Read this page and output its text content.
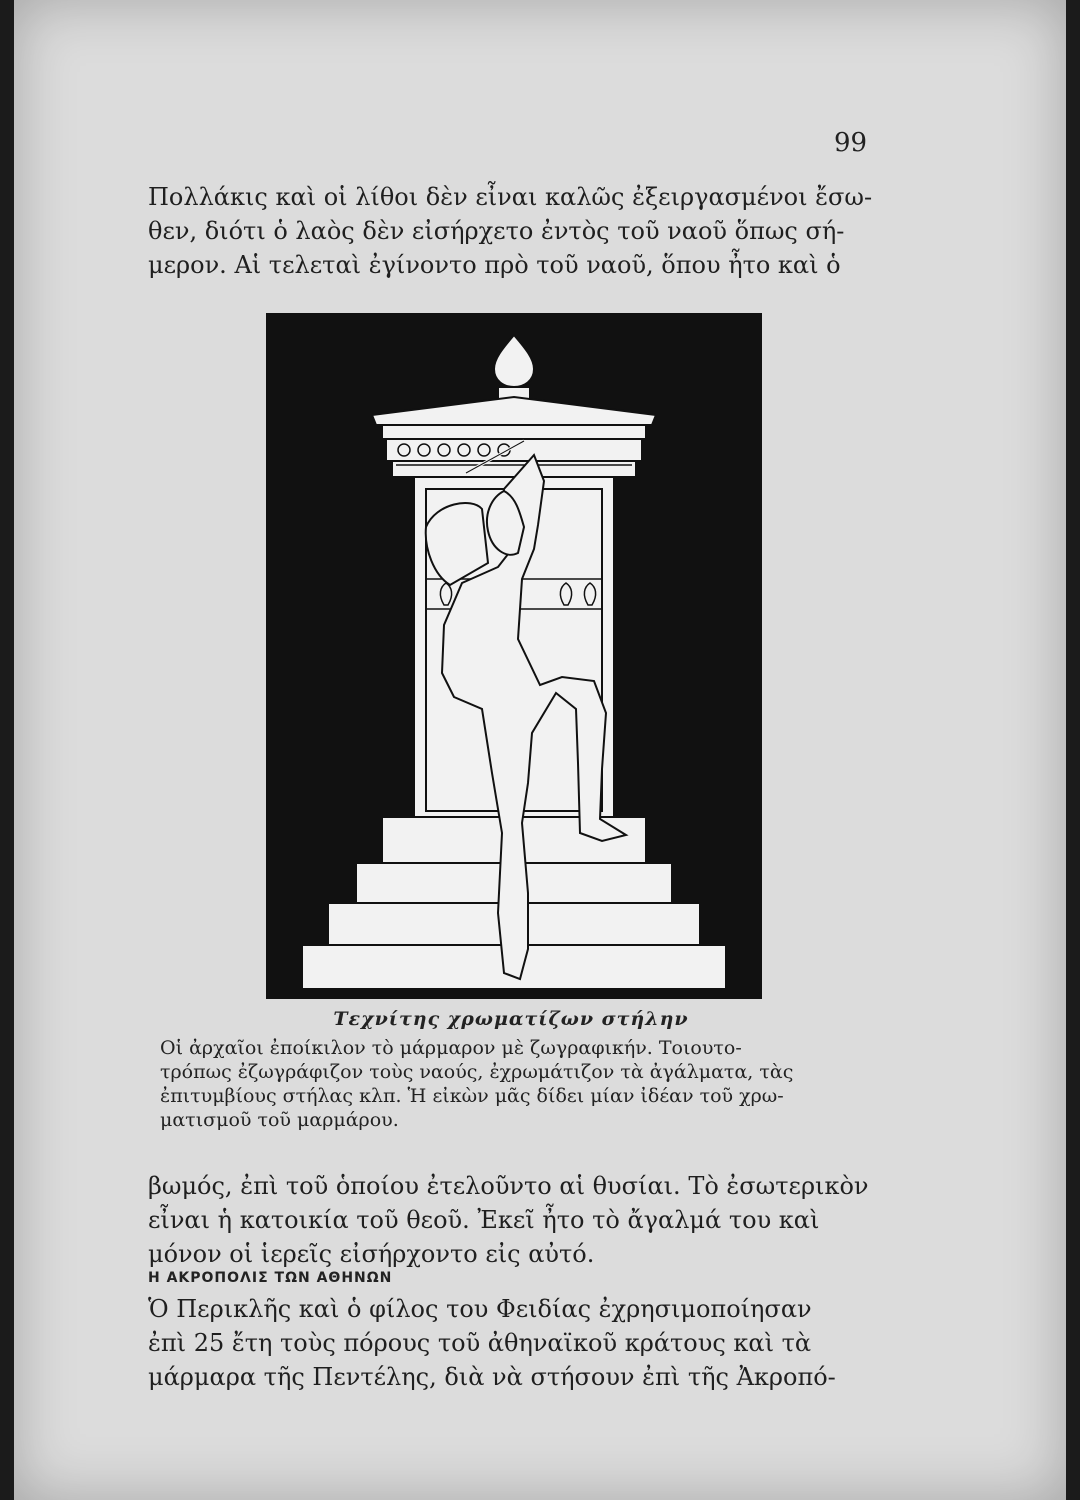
99

Πολλάκις καὶ οἱ λίθοι δὲν εἶναι καλῶς ἐξειργασμένοι ἔσω-
θεν, διότι ὁ λαὸς δὲν εἰσήρχετο ἐντὸς τοῦ ναοῦ ὅπως σή-
μερον. Αἱ τελεταὶ ἐγίνοντο πρὸ τοῦ ναοῦ, ὅπου ἦτο καὶ ὁ

Τεχνίτης χρωματίζων στήλην

Οἱ ἀρχαῖοι ἐποίκιλον τὸ μάρμαρον μὲ ζωγραφικήν. Τοιουτο-
τρόπως ἐζωγράφιζον τοὺς ναούς, ἐχρωμάτιζον τὰ ἀγάλματα, τὰς
ἐπιτυμβίους στήλας κλπ. Ἡ εἰκὼν μᾶς δίδει μίαν ἰδέαν τοῦ χρω-
ματισμοῦ τοῦ μαρμάρου.

βωμός, ἐπὶ τοῦ ὁποίου ἐτελοῦντο αἱ θυσίαι. Τὸ ἐσωτερικὸν
εἶναι ἡ κατοικία τοῦ θεοῦ. Ἐκεῖ ἦτο τὸ ἄγαλμά του καὶ
μόνον οἱ ἱερεῖς εἰσήρχοντο εἰς αὐτό.

Η ΑΚΡΟΠΟΛΙΣ ΤΩΝ ΑΘΗΝΩΝ

Ὁ Περικλῆς καὶ ὁ φίλος του Φειδίας ἐχρησιμοποίησαν
ἐπὶ 25 ἔτη τοὺς πόρους τοῦ ἀθηναϊκοῦ κράτους καὶ τὰ
μάρμαρα τῆς Πεντέλης, διὰ νὰ στήσουν ἐπὶ τῆς Ἀκροπό-
